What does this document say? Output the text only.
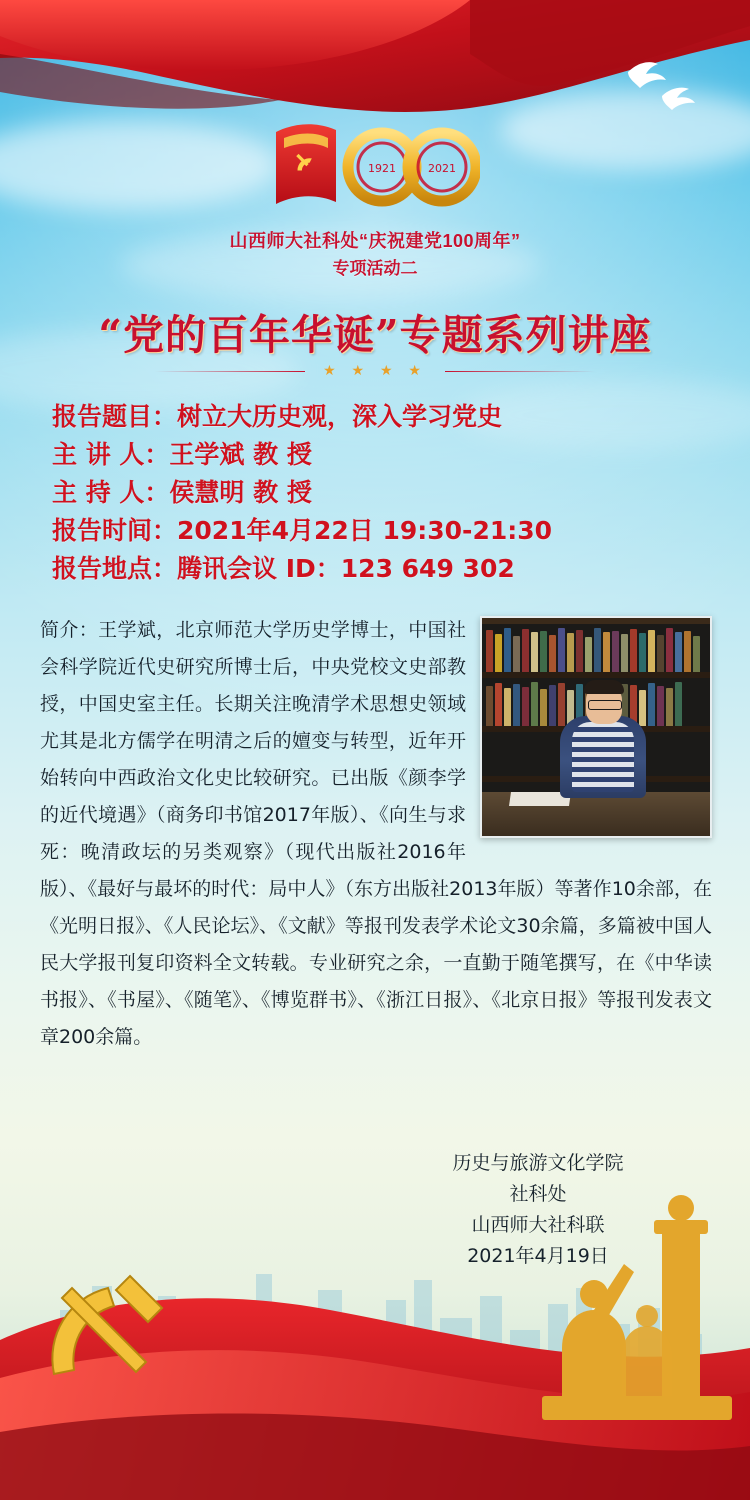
1921	2021
山西师大社科处“庆祝建党100周年”
专项活动二
“党的百年华诞”专题系列讲座
★ ★ ★ ★
报告题目：树立大历史观，深入学习党史
主 讲 人：王学斌 教 授
主 持 人：侯慧明 教 授
报告时间：2021年4月22日 19:30-21:30
报告地点：腾讯会议 ID：123 649 302

简介：王学斌，北京师范大学历史学博士，中国社会科学院近代史研究所博士后，中央党校文史部教授，中国史室主任。长期关注晚清学术思想史领域尤其是北方儒学在明清之后的嬗变与转型，近年开始转向中西政治文化史比较研究。已出版《颜李学的近代境遇》（商务印书馆2017年版）、《向生与求死：晚清政坛的另类观察》（现代出版社2016年版）、《最好与最坏的时代：局中人》（东方出版社2013年版）等著作10余部，在《光明日报》、《人民论坛》、《文献》等报刊发表学术论文30余篇，多篇被中国人民大学报刊复印资料全文转载。专业研究之余，一直勤于随笔撰写，在《中华读书报》、《书屋》、《随笔》、《博览群书》、《浙江日报》、《北京日报》等报刊发表文章200余篇。

历史与旅游文化学院
社科处
山西师大社科联
2021年4月19日
